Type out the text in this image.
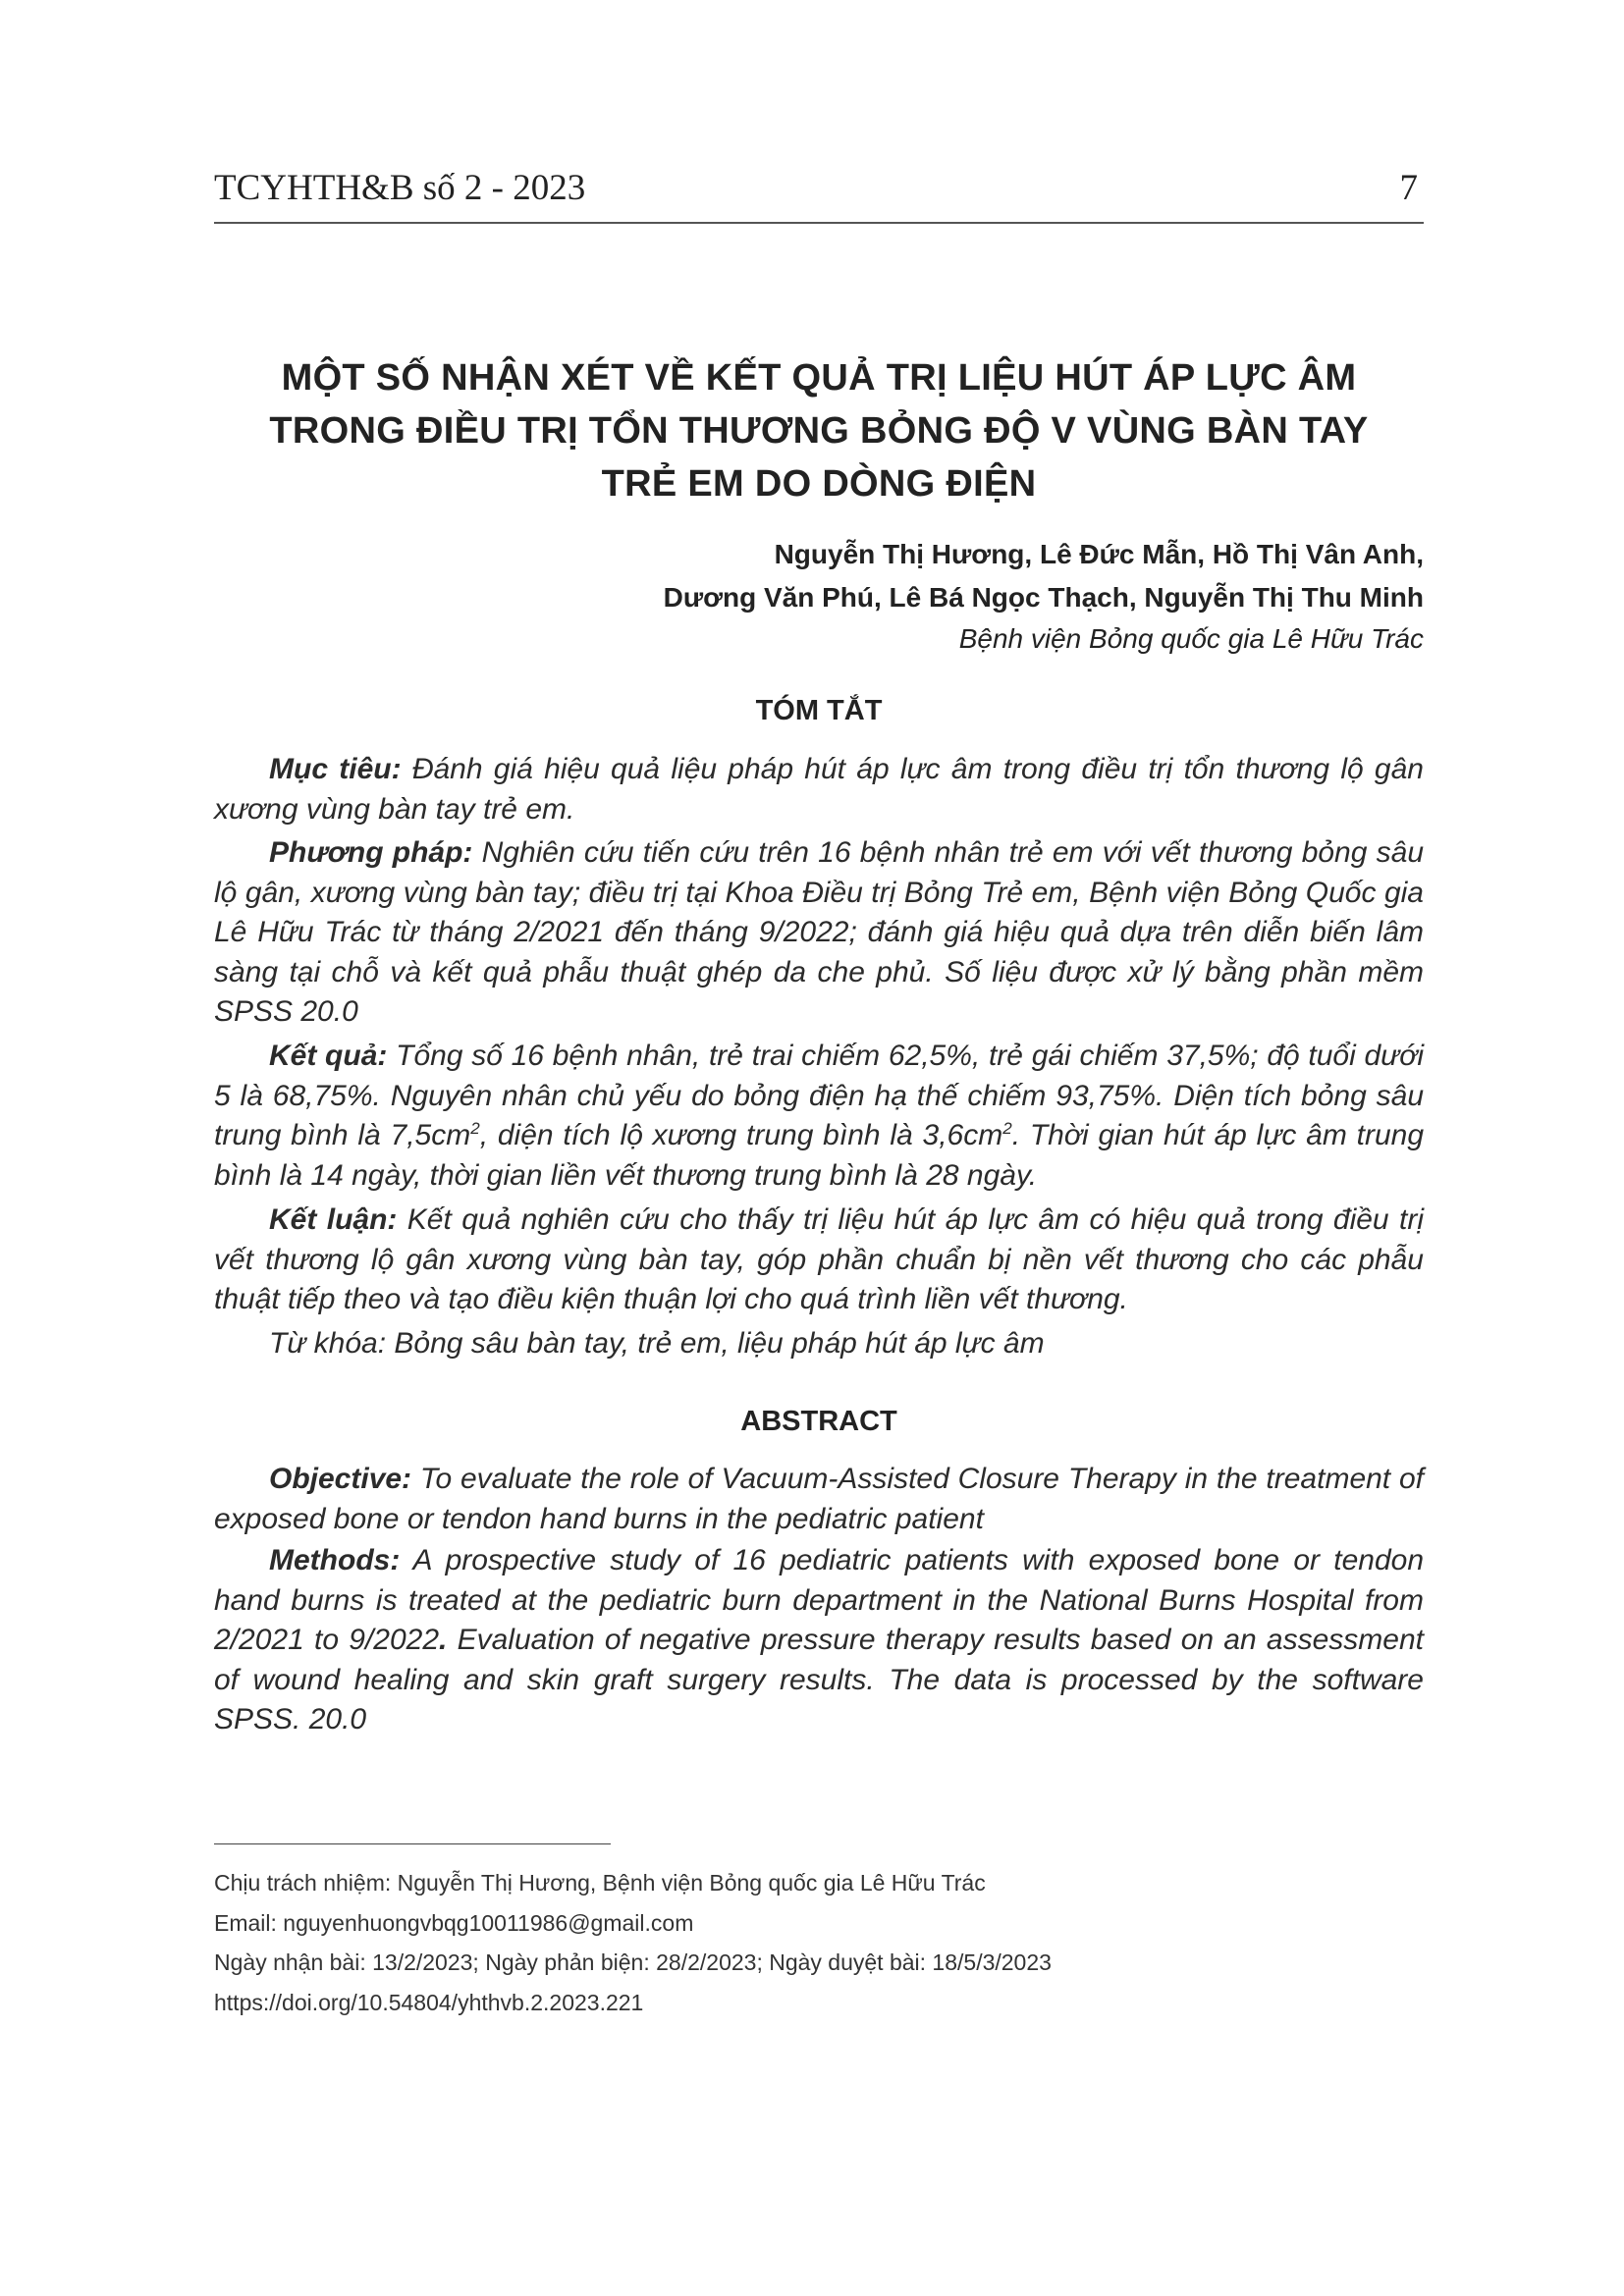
TCYHTH&B số 2 - 2023	7
MỘT SỐ NHẬN XÉT VỀ KẾT QUẢ TRỊ LIỆU HÚT ÁP LỰC ÂM
TRONG ĐIỀU TRỊ TỔN THƯƠNG BỎNG ĐỘ V VÙNG BÀN TAY
TRẺ EM DO DÒNG ĐIỆN
Nguyễn Thị Hương, Lê Đức Mẫn, Hồ Thị Vân Anh,
Dương Văn Phú, Lê Bá Ngọc Thạch, Nguyễn Thị Thu Minh
Bệnh viện Bỏng quốc gia Lê Hữu Trác
TÓM TẮT

Mục tiêu: Đánh giá hiệu quả liệu pháp hút áp lực âm trong điều trị tổn thương lộ gân xương vùng bàn tay trẻ em.

Phương pháp: Nghiên cứu tiến cứu trên 16 bệnh nhân trẻ em với vết thương bỏng sâu lộ gân, xương vùng bàn tay; điều trị tại Khoa Điều trị Bỏng Trẻ em, Bệnh viện Bỏng Quốc gia Lê Hữu Trác từ tháng 2/2021 đến tháng 9/2022; đánh giá hiệu quả dựa trên diễn biến lâm sàng tại chỗ và kết quả phẫu thuật ghép da che phủ. Số liệu được xử lý bằng phần mềm SPSS 20.0

Kết quả: Tổng số 16 bệnh nhân, trẻ trai chiếm 62,5%, trẻ gái chiếm 37,5%; độ tuổi dưới 5 là 68,75%. Nguyên nhân chủ yếu do bỏng điện hạ thế chiếm 93,75%. Diện tích bỏng sâu trung bình là $7,5cm^2$, diện tích lộ xương trung bình là $3,6cm^2$. Thời gian hút áp lực âm trung bình là 14 ngày, thời gian liền vết thương trung bình là 28 ngày.

Kết luận: Kết quả nghiên cứu cho thấy trị liệu hút áp lực âm có hiệu quả trong điều trị vết thương lộ gân xương vùng bàn tay, góp phần chuẩn bị nền vết thương cho các phẫu thuật tiếp theo và tạo điều kiện thuận lợi cho quá trình liền vết thương.

Từ khóa: Bỏng sâu bàn tay, trẻ em, liệu pháp hút áp lực âm

ABSTRACT

Objective: To evaluate the role of Vacuum-Assisted Closure Therapy in the treatment of exposed bone or tendon hand burns in the pediatric patient

Methods: A prospective study of 16 pediatric patients with exposed bone or tendon hand burns is treated at the pediatric burn department in the National Burns Hospital from 2/2021 to 9/2022. Evaluation of negative pressure therapy results based on an assessment of wound healing and skin graft surgery results. The data is processed by the software SPSS. 20.0

Chịu trách nhiệm: Nguyễn Thị Hương, Bệnh viện Bỏng quốc gia Lê Hữu Trác
Email: nguyenhuongvbqg10011986@gmail.com
Ngày nhận bài: 13/2/2023; Ngày phản biện: 28/2/2023; Ngày duyệt bài: 18/5/3/2023
https://doi.org/10.54804/yhthvb.2.2023.221
